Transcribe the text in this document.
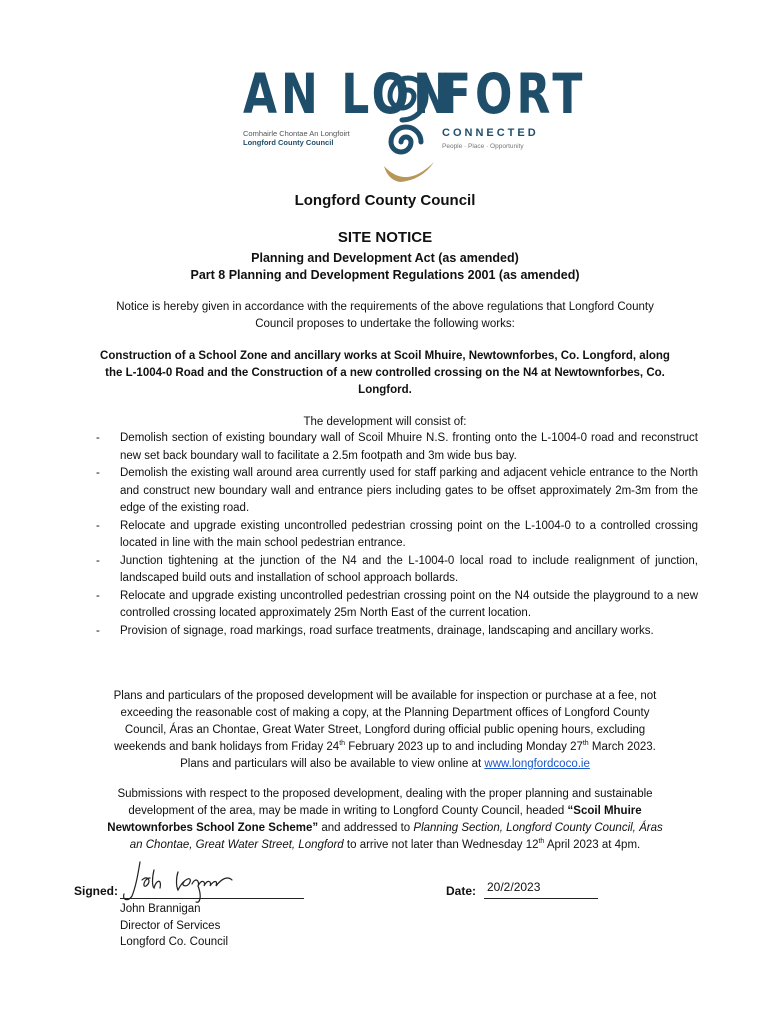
AN LON
FORT
Comhairle Chontae An Longfoirt
Longford County Council
CONNECTED
People · Place · Opportunity
Longford County Council
SITE NOTICE
Planning and Development Act (as amended)
Part 8 Planning and Development Regulations 2001 (as amended)
Notice is hereby given in accordance with the requirements of the above regulations that Longford County
Council proposes to undertake the following works:
Construction of a School Zone and ancillary works at Scoil Mhuire, Newtownforbes, Co. Longford, along
the L-1004-0 Road and the Construction of a new controlled crossing on the N4 at Newtownforbes, Co.
Longford.
The development will consist of:
- Demolish section of existing boundary wall of Scoil Mhuire N.S. fronting onto the L-1004-0 road and reconstruct new set back boundary wall to facilitate a 2.5m footpath and 3m wide bus bay.
- Demolish the existing wall around area currently used for staff parking and adjacent vehicle entrance to the North and construct new boundary wall and entrance piers including gates to be offset approximately 2m-3m from the edge of the existing road.
- Relocate and upgrade existing uncontrolled pedestrian crossing point on the L-1004-0 to a controlled crossing located in line with the main school pedestrian entrance.
- Junction tightening at the junction of the N4 and the L-1004-0 local road to include realignment of junction, landscaped build outs and installation of school approach bollards.
- Relocate and upgrade existing uncontrolled pedestrian crossing point on the N4 outside the playground to a new controlled crossing located approximately 25m North East of the current location.
- Provision of signage, road markings, road surface treatments, drainage, landscaping and ancillary works.
Plans and particulars of the proposed development will be available for inspection or purchase at a fee, not
exceeding the reasonable cost of making a copy, at the Planning Department offices of Longford County
Council, Áras an Chontae, Great Water Street, Longford during official public opening hours, excluding
weekends and bank holidays from Friday 24th February 2023 up to and including Monday 27th March 2023.
Plans and particulars will also be available to view online at www.longfordcoco.ie
Submissions with respect to the proposed development, dealing with the proper planning and sustainable
development of the area, may be made in writing to Longford County Council, headed “Scoil Mhuire
Newtownforbes School Zone Scheme” and addressed to Planning Section, Longford County Council, Áras
an Chontae, Great Water Street, Longford to arrive not later than Wednesday 12th April 2023 at 4pm.
Signed:
John Brannigan
Director of Services
Longford Co. Council
Date: 20/2/2023
